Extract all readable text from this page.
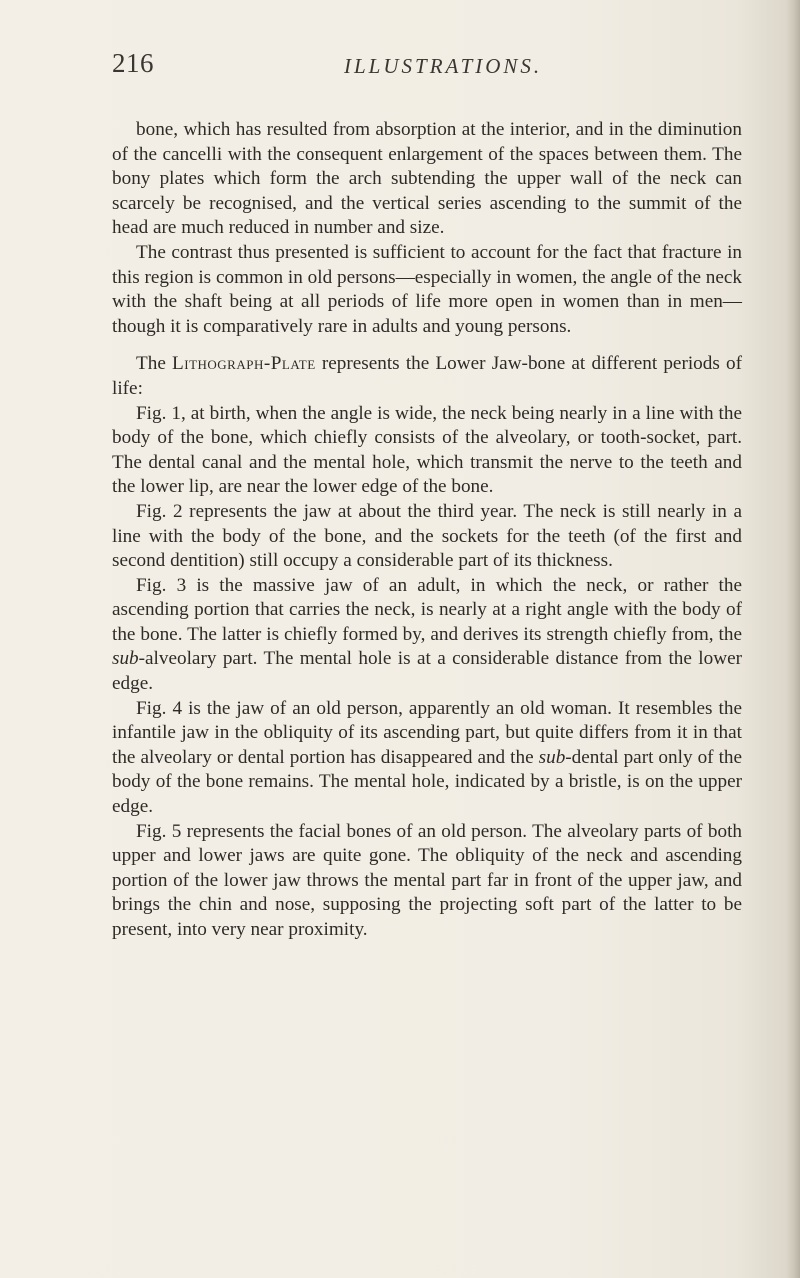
216	ILLUSTRATIONS.

bone, which has resulted from absorption at the interior, and in the diminution of the cancelli with the consequent enlargement of the spaces between them. The bony plates which form the arch subtending the upper wall of the neck can scarcely be recognised, and the vertical series ascending to the summit of the head are much reduced in number and size.

The contrast thus presented is sufficient to account for the fact that fracture in this region is common in old persons—especially in women, the angle of the neck with the shaft being at all periods of life more open in women than in men—though it is comparatively rare in adults and young persons.

The Lithograph-Plate represents the Lower Jaw-bone at different periods of life:

Fig. 1, at birth, when the angle is wide, the neck being nearly in a line with the body of the bone, which chiefly consists of the alveolary, or tooth-socket, part. The dental canal and the mental hole, which transmit the nerve to the teeth and the lower lip, are near the lower edge of the bone.

Fig. 2 represents the jaw at about the third year. The neck is still nearly in a line with the body of the bone, and the sockets for the teeth (of the first and second dentition) still occupy a considerable part of its thickness.

Fig. 3 is the massive jaw of an adult, in which the neck, or rather the ascending portion that carries the neck, is nearly at a right angle with the body of the bone. The latter is chiefly formed by, and derives its strength chiefly from, the sub-alveolary part. The mental hole is at a considerable distance from the lower edge.

Fig. 4 is the jaw of an old person, apparently an old woman. It resembles the infantile jaw in the obliquity of its ascending part, but quite differs from it in that the alveolary or dental portion has disappeared and the sub-dental part only of the body of the bone remains. The mental hole, indicated by a bristle, is on the upper edge.

Fig. 5 represents the facial bones of an old person. The alveolary parts of both upper and lower jaws are quite gone. The obliquity of the neck and ascending portion of the lower jaw throws the mental part far in front of the upper jaw, and brings the chin and nose, supposing the projecting soft part of the latter to be present, into very near proximity.
